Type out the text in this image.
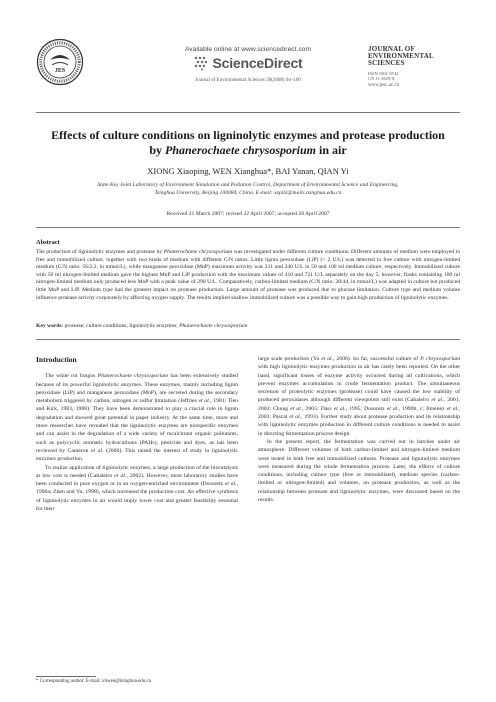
JES
Available online at www.sciencedirect.com
ScienceDirect
Journal of Environmental Sciences 20(2008) 94–100
JOURNAL OF
ENVIRONMENTAL
SCIENCES
ISSN 1001-0742
CN 11-2629/X
www.jesc.ac.cn
Effects of culture conditions on ligninolytic enzymes and protease production
by Phanerochaete chrysosporium in air
XIONG Xiaoping, WEN Xianghua*, BAI Yanan, QIAN Yi
State Key Joint Laboratory of Environment Simulation and Pollution Control, Department of Environmental Science and Engineering,
Tsinghua University, Beijing 100084, China. E-mail: xxp02@mails.tsinghua.edu.cn
Received 21 March 2007; revised 22 April 2007; accepted 28 April 2007
Abstract
The production of ligninolytic enzymes and protease by Phanerochaete chrysosporium was investigated under different culture conditions. Different amounts of medium were employed in free and immobilized culture, together with two kinds of medium with different C/N ratios. Little lignin peroxidase (LiP) (< 2 U/L) was detected in free culture with nitrogen-limited medium (C/N ratio: 56/2.2, in mmol/L), while manganese peroxidase (MnP) maximum activity was 231 and 240 U/L in 50 and 100 ml medium culture, respectively. Immobilized culture with 50 ml nitrogen-limited medium gave the highest MnP and LiP production with the maximum values of 410 and 721 U/L separately on the day 5; however, flasks containing 100 ml nitrogen-limited medium only produced less MnP with a peak value of 290 U/L. Comparatively, carbon-limited medium (C/N ratio: 28/44, in mmol/L) was adapted in culture but produced little MnP and LiP. Medium type had the greatest impact on protease production. Large amount of protease was produced due to glucose limitation. Culture type and medium volume influence protease activity corporately by affecting oxygen supply. The results implied shallow immobilized culture was a possible way to gain high production of ligninolytic enzymes.
Key words: protease; culture conditions; ligninolytic enzymes; Phanerochaete chrysosporium
Introduction

The white rot fungus Phanerochaete chrysosporium has been extensively studied because of its powerful ligninolytic enzymes. These enzymes, mainly including lignin peroxidase (LiP) and manganese peroxidase (MnP), are secreted during the secondary metabolism triggered by carbon, nitrogen or sulfur limitation (Jeffries et al., 1981; Tien and Kirk, 1983, 1988). They have been demonstrated to play a crucial role in lignin degradation and showed great potential in paper industry. At the same time, more and more researches have revealed that the ligninolytic enzymes are nonspecific enzymes and can assist in the degradation of a wide variety of recalcitrant organic pollutants, such as polycyclic aromatic hydrocarbons (PAHs), pesticide and dyes, as has been reviewed by Cameron et al. (2000). This raised the interest of study in ligninolytic enzymes production.

To realize application of ligninolytic enzymes, a large production of the biocatalysts at low cost is needed (Cabaleiro et al., 2002). However, most laboratory studies have been conducted in pure oxygen or in an oxygen-enriched environment (Dosoretz et al., 1990a; Zhen and Yu, 1998), which increased the production cost. An effective synthesis of ligninolytic enzymes in air would imply lower cost and greater feasibility essential for their

large scale production (Yu et al., 2006). So far, successful culture of P. chrysosporium with high ligninolytic enzymes production in air has rarely been reported. On the other hand, significant losses of enzyme activity occurred during all cultivations, which prevent enzymes accumulation in crude fermentation product. The simultaneous secretion of proteolytic enzymes (protease) could have caused the low stability of produced peroxidases although different viewpoints still exist (Cabaleiro et al., 2001, 2002; Chung et al., 2005; Dass et al., 1995; Dosoretz et al., 1990b, c; Jimenez et al., 2003; Pascal et al., 1993). Further study about protease production and its relationship with ligninolytic enzymes production in different culture conditions is needed to assist in directing fermentation process design.

In the present report, the fermentation was carried out in batches under air atmosphere. Different volumes of both carbon-limited and nitrogen-limited medium were tested in both free and immobilized cultures. Protease and ligninolytic enzymes were measured during the whole fermentation process. Later, the effects of culture conditions, including culture type (free or immobilized), medium species (carbon-limited or nitrogen-limited) and volumes, on protease production, as well as the relationship between protease and ligninolytic enzymes, were discussed based on the results.

* Corresponding author. E-mail: xhwen@tsinghua.edu.cn
